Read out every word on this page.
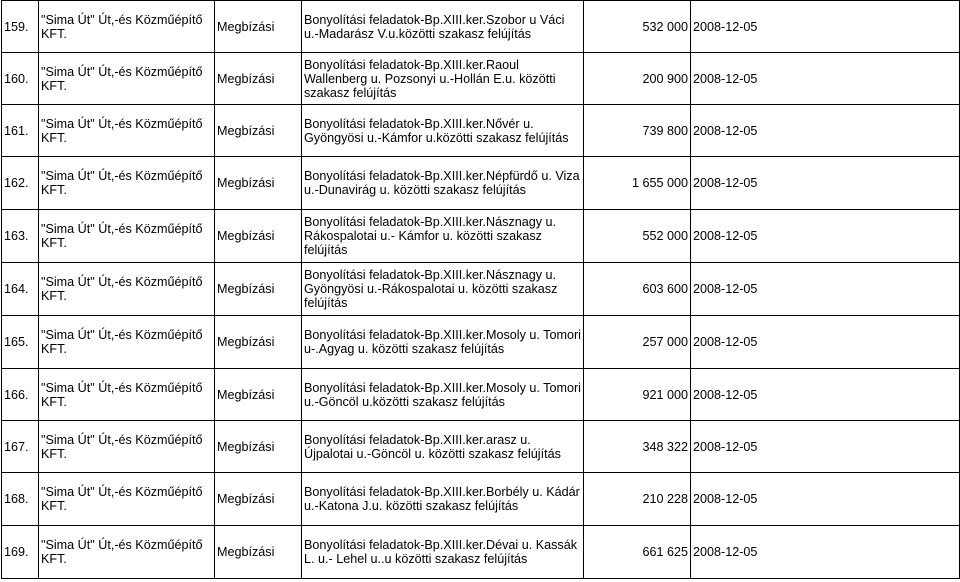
159.	"Sima Út" Út,-és Közműépítő KFT.	Megbízási	Bonyolítási feladatok-Bp.XIII.ker.Szobor u Váci u.-Madarász V.u.közötti szakasz felújítás	532 000	2008-12-05
160.	"Sima Út" Út,-és Közműépítő KFT.	Megbízási	Bonyolítási feladatok-Bp.XIII.ker.Raoul Wallenberg u. Pozsonyi u.-Hollán E.u. közötti szakasz felújítás	200 900	2008-12-05
161.	"Sima Út" Út,-és Közműépítő KFT.	Megbízási	Bonyolítási feladatok-Bp.XIII.ker.Nővér u. Gyöngyösi u.-Kámfor u.közötti szakasz felújítás	739 800	2008-12-05
162.	"Sima Út" Út,-és Közműépítő KFT.	Megbízási	Bonyolítási feladatok-Bp.XIII.ker.Népfürdő u. Viza u.-Dunavirág u. közötti szakasz felújítás	1 655 000	2008-12-05
163.	"Sima Út" Út,-és Közműépítő KFT.	Megbízási	Bonyolítási feladatok-Bp.XIII.ker.Násznagy u. Rákospalotai u.- Kámfor u. közötti szakasz felújítás	552 000	2008-12-05
164.	"Sima Út" Út,-és Közműépítő KFT.	Megbízási	Bonyolítási feladatok-Bp.XIII.ker.Násznagy u. Gyöngyösi u.-Rákospalotai u. közötti szakasz felújítás	603 600	2008-12-05
165.	"Sima Út" Út,-és Közműépítő KFT.	Megbízási	Bonyolítási feladatok-Bp.XIII.ker.Mosoly u. Tomori u-.Agyag u. közötti szakasz felújítás	257 000	2008-12-05
166.	"Sima Út" Út,-és Közműépítő KFT.	Megbízási	Bonyolítási feladatok-Bp.XIII.ker.Mosoly u. Tomori u.-Göncöl u.közötti szakasz felújítás	921 000	2008-12-05
167.	"Sima Út" Út,-és Közműépítő KFT.	Megbízási	Bonyolítási feladatok-Bp.XIII.ker.arasz u. Újpalotai u.-Göncöl u. közötti szakasz felújítás	348 322	2008-12-05
168.	"Sima Út" Út,-és Közműépítő KFT.	Megbízási	Bonyolítási feladatok-Bp.XIII.ker.Borbély u. Kádár u.-Katona J.u. közötti szakasz felújítás	210 228	2008-12-05
169.	"Sima Út" Út,-és Közműépítő KFT.	Megbízási	Bonyolítási feladatok-Bp.XIII.ker.Dévai u. Kassák L. u.- Lehel u..u közötti szakasz felújítás	661 625	2008-12-05
